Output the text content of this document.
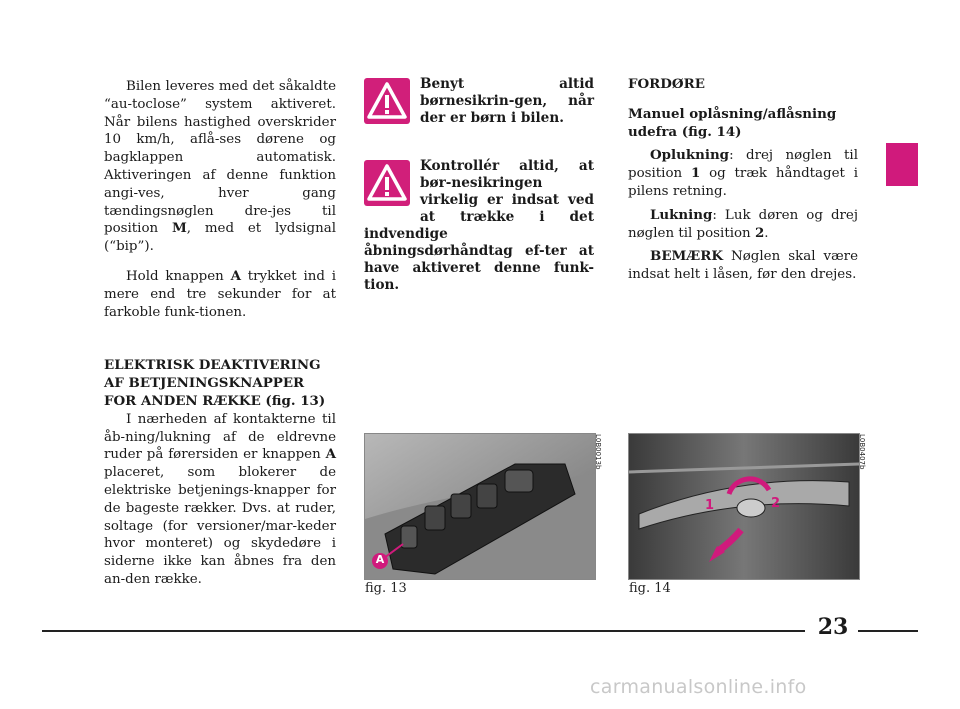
Bilen leveres med det såkaldte “au-toclose” system aktiveret. Når bilens hastighed overskrider 10 km/h, aflå-ses dørene og bagklappen automatisk. Aktiveringen af denne funktion angi-ves, hver gang tændingsnøglen dre-jes til position M, med et lydsignal (“bip”).

Hold knappen A trykket ind i mere end tre sekunder for at farkoble funk-tionen.

ELEKTRISK DEAKTIVERING AF BETJENINGSKNAPPER FOR ANDEN RÆKKE (fig. 13)

I nærheden af kontakterne til åb-ning/lukning af de eldrevne ruder på førersiden er knappen A placeret, som blokerer de elektriske betjenings-knapper for de bageste rækker. Dvs. at ruder, soltage (for versioner/mar-keder hvor monteret) og skydedøre i siderne ikke kan åbnes fra den an-den række.

Benyt altid børnesikrin-gen, når der er børn i bilen.

Kontrollér altid, at bør-nesikringen virkelig er indsat ved at trække i det indvendige åbningsdørhåndtag ef-ter at have aktiveret denne funk-tion.

FORDØRE

Manuel oplåsning/aflåsning udefra (fig. 14)

Oplukning: drej nøglen til position 1 og træk håndtaget i pilens retning.

Lukning: Luk døren og drej nøglen til position 2.

BEMÆRK Nøglen skal være indsat helt i låsen, før den drejes.

A
L0B0013b
fig. 13
1	2
L0B0407b
fig. 14
23
carmanualsonline.info
